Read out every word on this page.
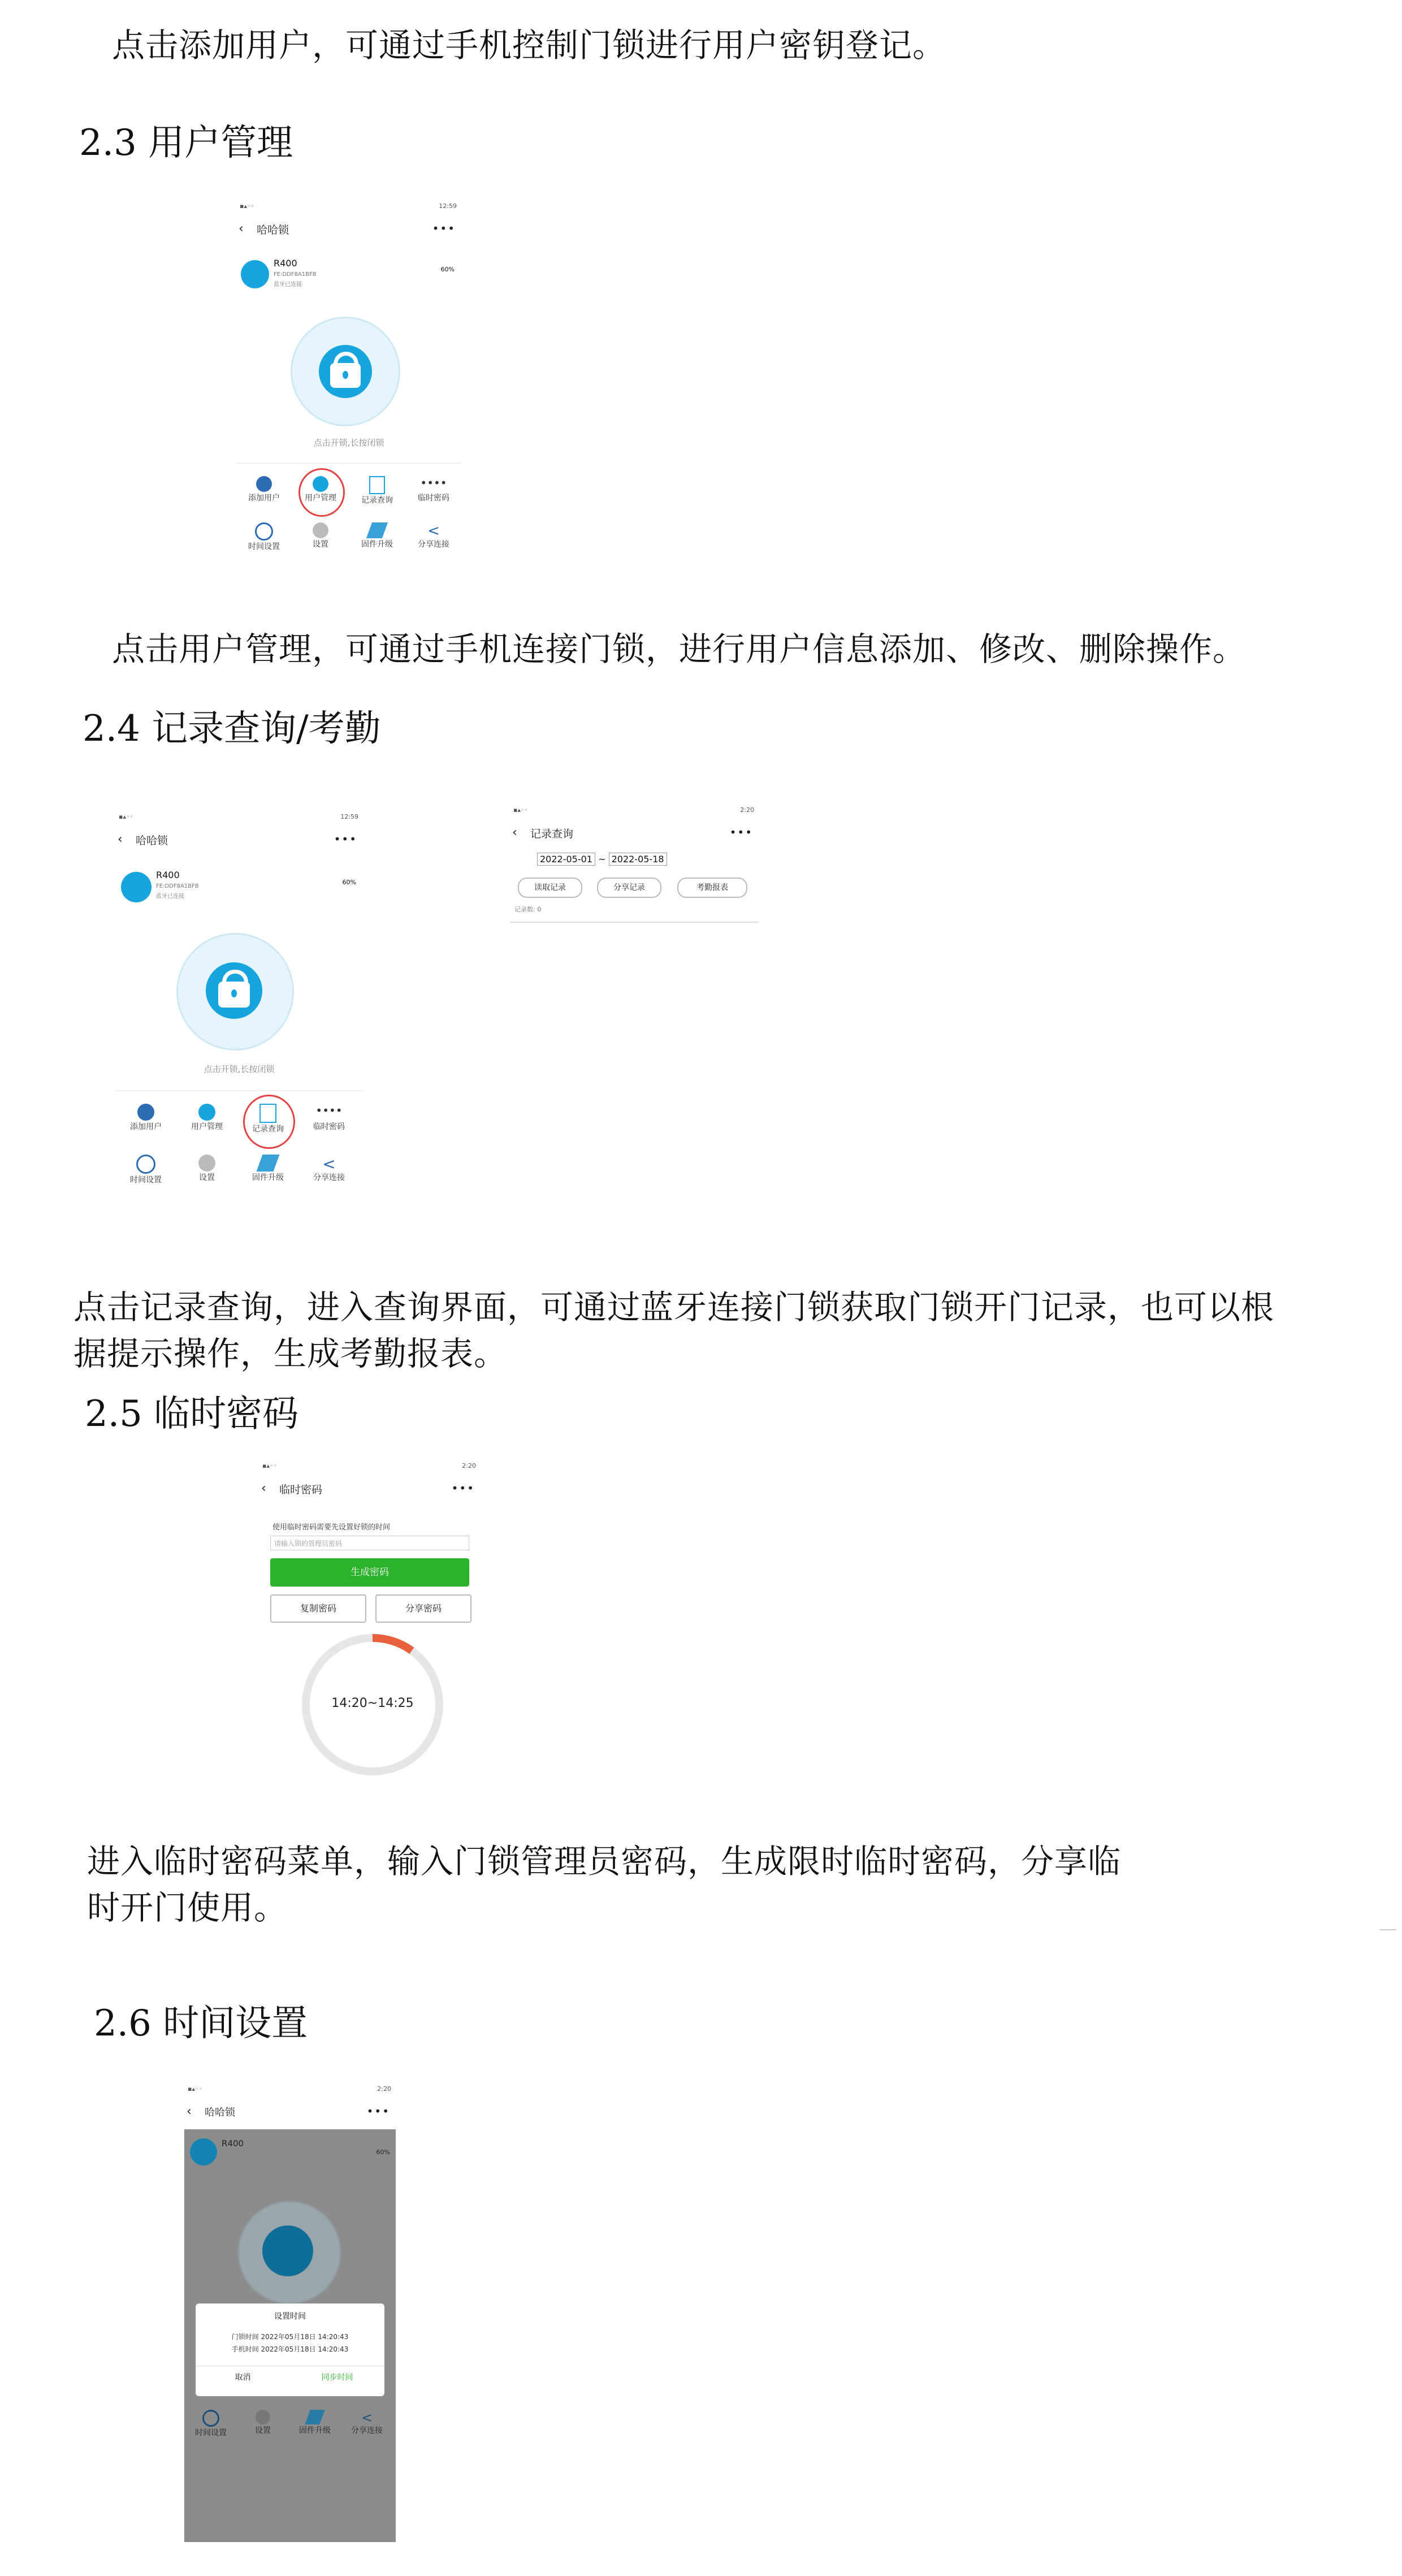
点击添加用户，可通过手机控制门锁进行用户密钥登记。
2.3 用户管理
▪▴◦◦	12:59
‹ 哈哈锁	•••
R400
FE:DDF8A1BFB
蓝牙已连接
60%
点击开锁,长按闭锁
添加用户	用户管理	记录查询
••••
临时密码
时间设置	设置	固件升级
<
分享连接
点击用户管理，可通过手机连接门锁，进行用户信息添加、修改、删除操作。
2.4 记录查询/考勤
▪▴◦◦	12:59
‹ 哈哈锁	•••
R400
FE:DDF8A1BFB
蓝牙已连接
60%
点击开锁,长按闭锁
添加用户	用户管理	记录查询
••••
临时密码
时间设置	设置	固件升级
<
分享连接
▪▴◦◦	2:20
‹ 记录查询	•••
2022-05-01 ~ 2022-05-18
读取记录	分享记录	考勤报表
记录数: 0
点击记录查询，进入查询界面，可通过蓝牙连接门锁获取门锁开门记录，也可以根
据提示操作，生成考勤报表。
2.5 临时密码
▪▴◦◦	2:20
‹ 临时密码	•••
使用临时密码需要先设置好锁的时间
请输入锁的管理员密码
生成密码
复制密码	分享密码
14:20~14:25
进入临时密码菜单，输入门锁管理员密码，生成限时临时密码，分享临
时开门使用。
2.6 时间设置
▪▴◦◦	2:20
‹ 哈哈锁	•••
R400
60%
设置时间
门锁时间 2022年05月18日 14:20:43
手机时间 2022年05月18日 14:20:43
取消	同步时间
时间设置	设置	固件升级
<
分享连接
